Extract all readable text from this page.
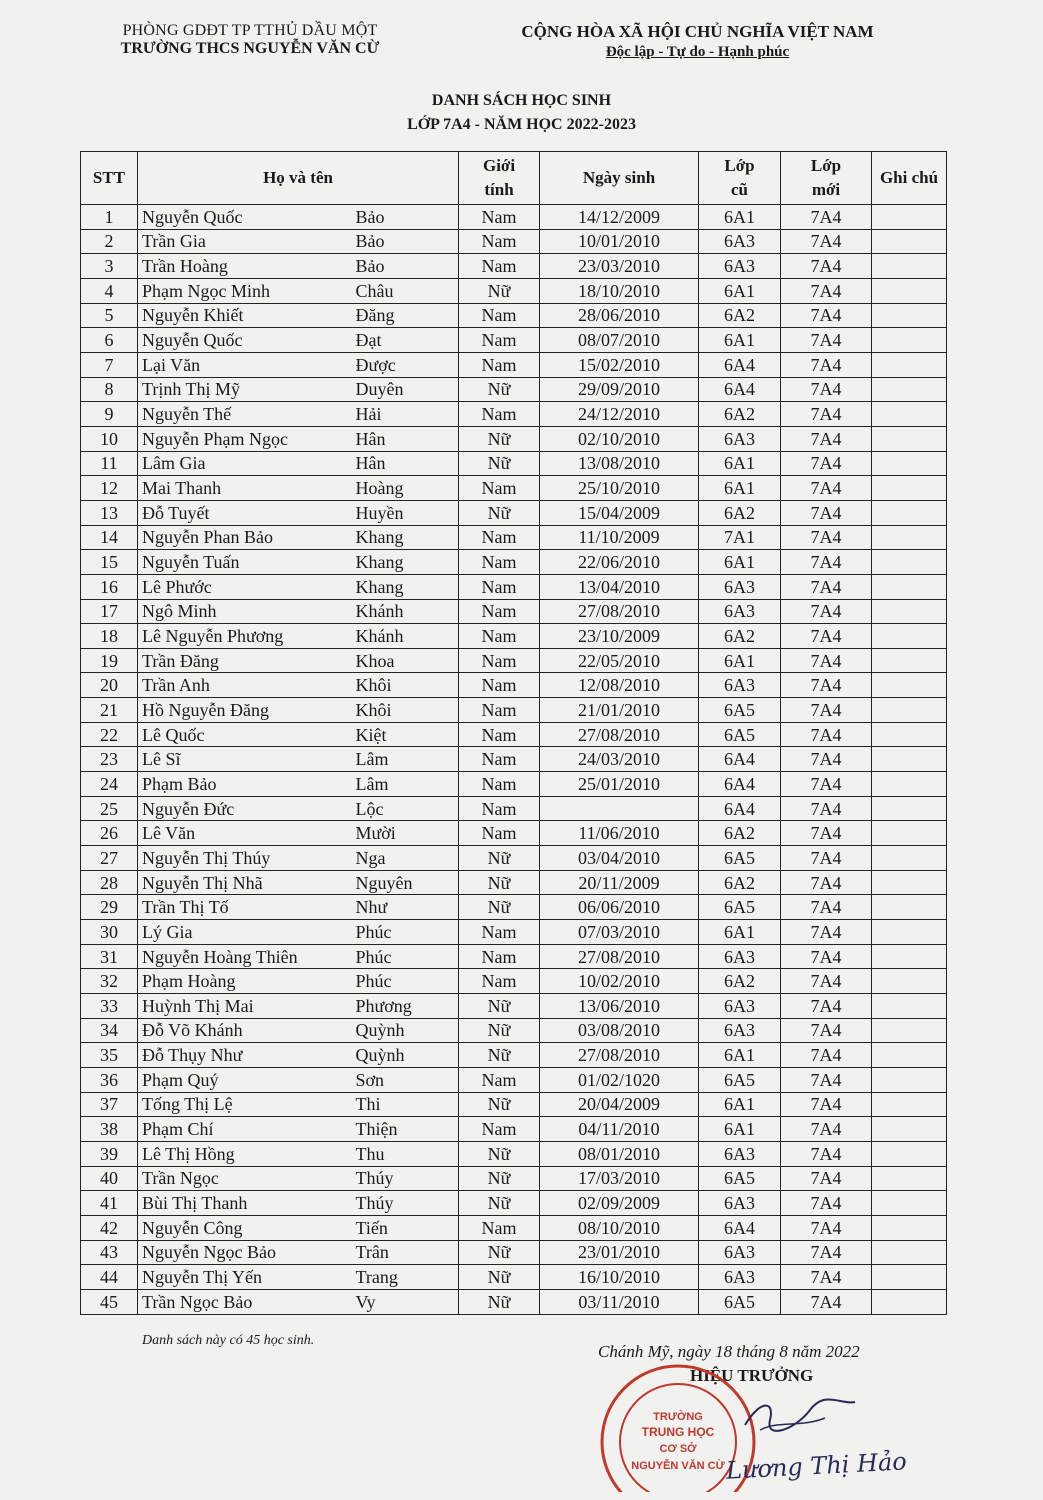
PHÒNG GDĐT TP TTHỦ DẦU MỘT
TRƯỜNG THCS NGUYỄN VĂN CỪ
CỘNG HÒA XÃ HỘI CHỦ NGHĨA VIỆT NAM
Độc lập - Tự do - Hạnh phúc
DANH SÁCH HỌC SINH
LỚP 7A4 - NĂM HỌC 2022-2023
STT	Họ và tên		Giới tính	Ngày sinh	Lớp cũ	Lớp mới	Ghi chú
1	Nguyễn Quốc	Bảo	Nam	14/12/2009	6A1	7A4	
2	Trần Gia	Bảo	Nam	10/01/2010	6A3	7A4	
3	Trần Hoàng	Bảo	Nam	23/03/2010	6A3	7A4	
4	Phạm Ngọc Minh	Châu	Nữ	18/10/2010	6A1	7A4	
5	Nguyễn Khiết	Đăng	Nam	28/06/2010	6A2	7A4	
6	Nguyễn Quốc	Đạt	Nam	08/07/2010	6A1	7A4	
7	Lại Văn	Được	Nam	15/02/2010	6A4	7A4	
8	Trịnh Thị Mỹ	Duyên	Nữ	29/09/2010	6A4	7A4	
9	Nguyễn Thế	Hải	Nam	24/12/2010	6A2	7A4	
10	Nguyễn Phạm Ngọc	Hân	Nữ	02/10/2010	6A3	7A4	
11	Lâm Gia	Hân	Nữ	13/08/2010	6A1	7A4	
12	Mai Thanh	Hoàng	Nam	25/10/2010	6A1	7A4	
13	Đỗ Tuyết	Huyền	Nữ	15/04/2009	6A2	7A4	
14	Nguyễn Phan Bảo	Khang	Nam	11/10/2009	7A1	7A4	
15	Nguyễn Tuấn	Khang	Nam	22/06/2010	6A1	7A4	
16	Lê Phước	Khang	Nam	13/04/2010	6A3	7A4	
17	Ngô Minh	Khánh	Nam	27/08/2010	6A3	7A4	
18	Lê Nguyễn Phương	Khánh	Nam	23/10/2009	6A2	7A4	
19	Trần Đăng	Khoa	Nam	22/05/2010	6A1	7A4	
20	Trần Anh	Khôi	Nam	12/08/2010	6A3	7A4	
21	Hồ Nguyễn Đăng	Khôi	Nam	21/01/2010	6A5	7A4	
22	Lê Quốc	Kiệt	Nam	27/08/2010	6A5	7A4	
23	Lê Sĩ	Lâm	Nam	24/03/2010	6A4	7A4	
24	Phạm Bảo	Lâm	Nam	25/01/2010	6A4	7A4	
25	Nguyễn Đức	Lộc	Nam		6A4	7A4	
26	Lê Văn	Mười	Nam	11/06/2010	6A2	7A4	
27	Nguyễn Thị Thúy	Nga	Nữ	03/04/2010	6A5	7A4	
28	Nguyễn Thị Nhã	Nguyên	Nữ	20/11/2009	6A2	7A4	
29	Trần Thị Tố	Như	Nữ	06/06/2010	6A5	7A4	
30	Lý Gia	Phúc	Nam	07/03/2010	6A1	7A4	
31	Nguyễn Hoàng Thiên	Phúc	Nam	27/08/2010	6A3	7A4	
32	Phạm Hoàng	Phúc	Nam	10/02/2010	6A2	7A4	
33	Huỳnh Thị Mai	Phương	Nữ	13/06/2010	6A3	7A4	
34	Đỗ Võ Khánh	Quỳnh	Nữ	03/08/2010	6A3	7A4	
35	Đỗ Thụy Như	Quỳnh	Nữ	27/08/2010	6A1	7A4	
36	Phạm Quý	Sơn	Nam	01/02/1020	6A5	7A4	
37	Tống Thị Lệ	Thi	Nữ	20/04/2009	6A1	7A4	
38	Phạm Chí	Thiện	Nam	04/11/2010	6A1	7A4	
39	Lê Thị Hồng	Thu	Nữ	08/01/2010	6A3	7A4	
40	Trần Ngọc	Thúy	Nữ	17/03/2010	6A5	7A4	
41	Bùi Thị Thanh	Thúy	Nữ	02/09/2009	6A3	7A4	
42	Nguyễn Công	Tiến	Nam	08/10/2010	6A4	7A4	
43	Nguyễn Ngọc Bảo	Trân	Nữ	23/01/2010	6A3	7A4	
44	Nguyễn Thị Yến	Trang	Nữ	16/10/2010	6A3	7A4	
45	Trần Ngọc Bảo	Vy	Nữ	03/11/2010	6A5	7A4	
Danh sách này có 45 học sinh.
Chánh Mỹ, ngày 18 tháng 8 năm 2022
HIỆU TRƯỞNG
TRƯỜNG
TRUNG HỌC
CƠ SỞ
NGUYỄN VĂN CỪ Lương Thị Hảo
